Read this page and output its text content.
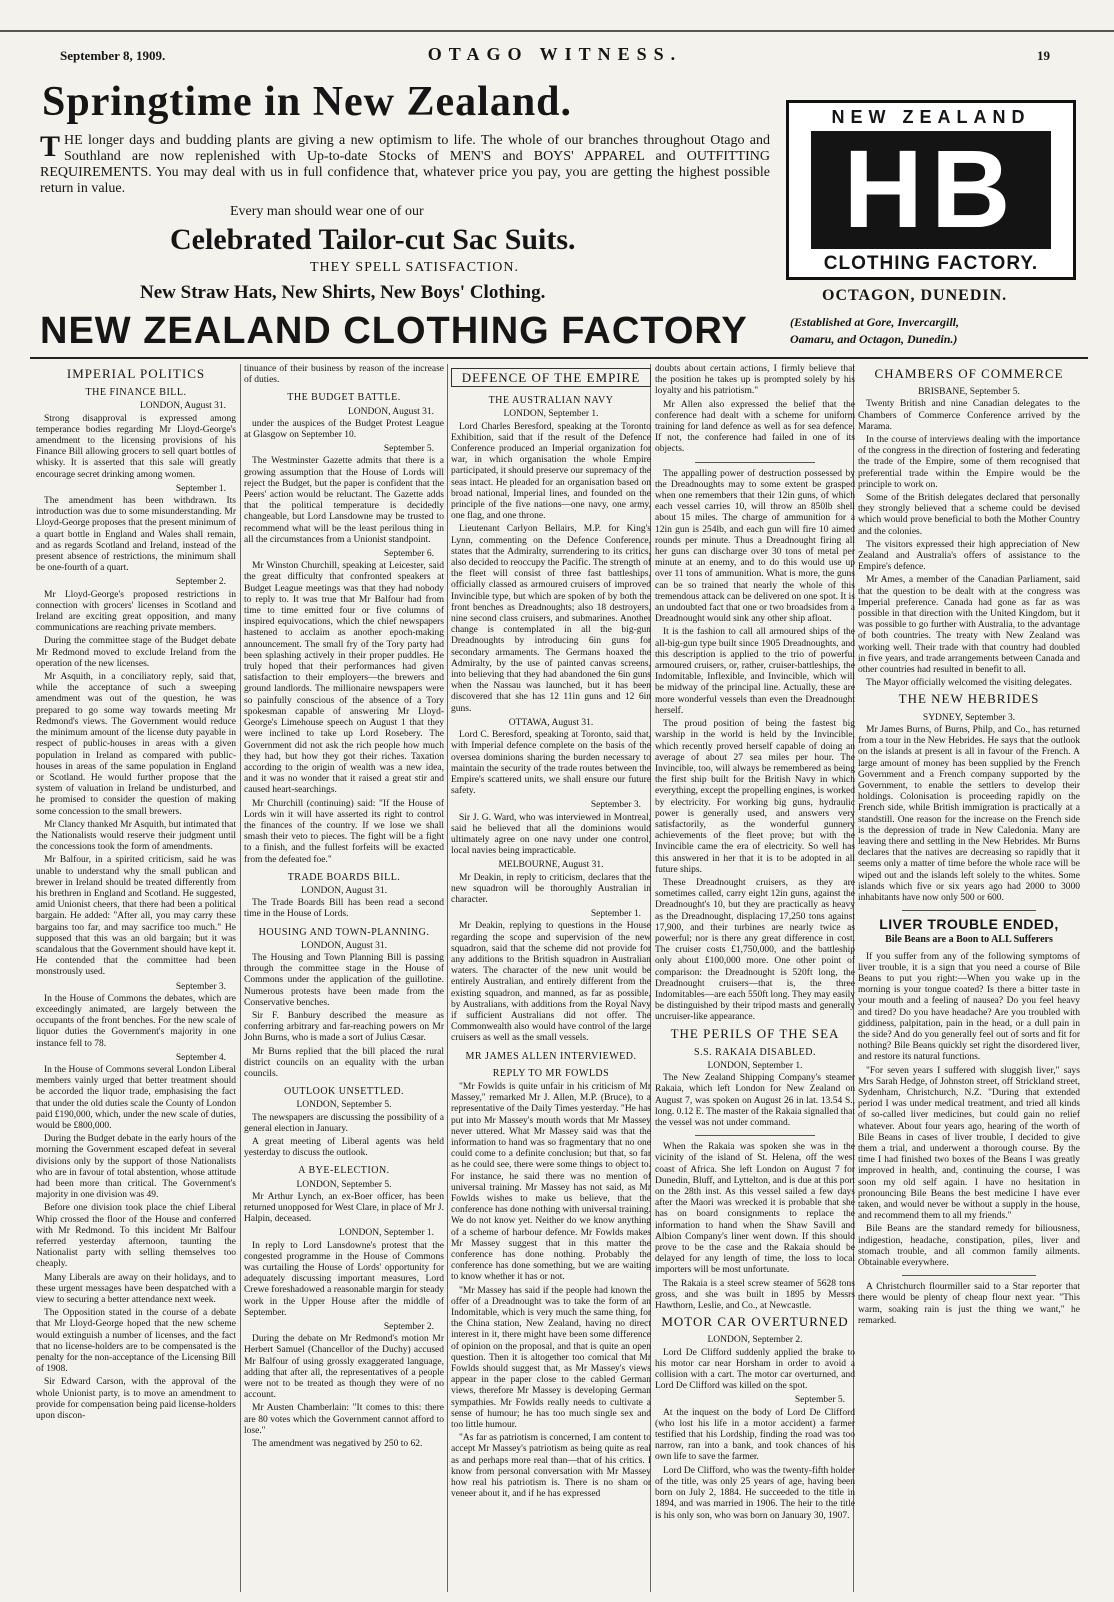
September 8, 1909.	OTAGO WITNESS.	19
Springtime in New Zealand.
THE longer days and budding plants are giving a new optimism to life. The whole of our branches throughout Otago and Southland are now replenished with Up-to-date Stocks of MEN'S and BOYS' APPAREL and OUTFITTING REQUIREMENTS. You may deal with us in full confidence that, whatever price you pay, you are getting the highest possible return in value.
Every man should wear one of our
Celebrated Tailor-cut Sac Suits.
THEY SPELL SATISFACTION.
New Straw Hats, New Shirts, New Boys' Clothing.
NEW ZEALAND CLOTHING FACTORY	(Established at Gore, Invercargill,
Oamaru, and Octagon, Dunedin.)
NEW ZEALAND
HB
CLOTHING FACTORY.
OCTAGON, DUNEDIN.
IMPERIAL POLITICS
THE FINANCE BILL.
LONDON, August 31.

Strong disapproval is expressed among temperance bodies regarding Mr Lloyd-George's amendment to the licensing provisions of his Finance Bill allowing grocers to sell quart bottles of whisky. It is asserted that this sale will greatly encourage secret drinking among women.

September 1.

The amendment has been withdrawn. Its introduction was due to some misunderstanding. Mr Lloyd-George proposes that the present minimum of a quart bottle in England and Wales shall remain, and as regards Scotland and Ireland, instead of the present absence of restrictions, the minimum shall be one-fourth of a quart.

September 2.

Mr Lloyd-George's proposed restrictions in connection with grocers' licenses in Scotland and Ireland are exciting great opposition, and many communications are reaching private members.

During the committee stage of the Budget debate Mr Redmond moved to exclude Ireland from the operation of the new licenses.

Mr Asquith, in a conciliatory reply, said that, while the acceptance of such a sweeping amendment was out of the question, he was prepared to go some way towards meeting Mr Redmond's views. The Government would reduce the minimum amount of the license duty payable in respect of public-houses in areas with a given population in Ireland as compared with public-houses in areas of the same population in England or Scotland. He would further propose that the system of valuation in Ireland be undisturbed, and he promised to consider the question of making some concession to the small brewers.

Mr Clancy thanked Mr Asquith, but intimated that the Nationalists would reserve their judgment until the concessions took the form of amendments.

Mr Balfour, in a spirited criticism, said he was unable to understand why the small publican and brewer in Ireland should be treated differently from his brethren in England and Scotland. He suggested, amid Unionist cheers, that there had been a political bargain. He added: "After all, you may carry these bargains too far, and may sacrifice too much." He supposed that this was an old bargain; but it was scandalous that the Government should have kept it. He contended that the committee had been monstrously used.

September 3.

In the House of Commons the debates, which are exceedingly animated, are largely between the occupants of the front benches. For the new scale of liquor duties the Government's majority in one instance fell to 78.

September 4.

In the House of Commons several London Liberal members vainly urged that better treatment should be accorded the liquor trade, emphasising the fact that under the old duties scale the County of London paid £190,000, which, under the new scale of duties, would be £800,000.

During the Budget debate in the early hours of the morning the Government escaped defeat in several divisions only by the support of those Nationalists who are in favour of total abstention, whose attitude had been more than critical. The Government's majority in one division was 49.

Before one division took place the chief Liberal Whip crossed the floor of the House and conferred with Mr Redmond. To this incident Mr Balfour referred yesterday afternoon, taunting the Nationalist party with selling themselves too cheaply.

Many Liberals are away on their holidays, and to these urgent messages have been despatched with a view to securing a better attendance next week.

The Opposition stated in the course of a debate that Mr Lloyd-George hoped that the new scheme would extinguish a number of licenses, and the fact that no license-holders are to be compensated is the penalty for the non-acceptance of the Licensing Bill of 1908.

Sir Edward Carson, with the approval of the whole Unionist party, is to move an amendment to provide for compensation being paid license-holders upon discon-

tinuance of their business by reason of the increase of duties.

THE BUDGET BATTLE.
LONDON, August 31.

under the auspices of the Budget Protest League at Glasgow on September 10.

September 5.

The Westminster Gazette admits that there is a growing assumption that the House of Lords will reject the Budget, but the paper is confident that the Peers' action would be reluctant. The Gazette adds that the political temperature is decidedly changeable, but Lord Lansdowne may be trusted to recommend what will be the least perilous thing in all the circumstances from a Unionist standpoint.

September 6.

Mr Winston Churchill, speaking at Leicester, said the great difficulty that confronted speakers at Budget League meetings was that they had nobody to reply to. It was true that Mr Balfour had from time to time emitted four or five columns of inspired equivocations, which the chief newspapers hastened to acclaim as another epoch-making announcement. The small fry of the Tory party had been splashing actively in their proper puddles. He truly hoped that their performances had given satisfaction to their employers—the brewers and ground landlords. The millionaire newspapers were so painfully conscious of the absence of a Tory spokesman capable of answering Mr Lloyd-George's Limehouse speech on August 1 that they were inclined to take up Lord Rosebery. The Government did not ask the rich people how much they had, but how they got their riches. Taxation according to the origin of wealth was a new idea, and it was no wonder that it raised a great stir and caused heart-searchings.

Mr Churchill (continuing) said: "If the House of Lords win it will have asserted its right to control the finances of the country. If we lose we shall smash their veto to pieces. The fight will be a fight to a finish, and the fullest forfeits will be exacted from the defeated foe."

TRADE BOARDS BILL.
LONDON, August 31.

The Trade Boards Bill has been read a second time in the House of Lords.

HOUSING AND TOWN-PLANNING.
LONDON, August 31.

The Housing and Town Planning Bill is passing through the committee stage in the House of Commons under the application of the guillotine. Numerous protests have been made from the Conservative benches.

Sir F. Banbury described the measure as conferring arbitrary and far-reaching powers on Mr John Burns, who is made a sort of Julius Cæsar.

Mr Burns replied that the bill placed the rural district councils on an equality with the urban councils.

OUTLOOK UNSETTLED.
LONDON, September 5.

The newspapers are discussing the possibility of a general election in January.

A great meeting of Liberal agents was held yesterday to discuss the outlook.

A BYE-ELECTION.
LONDON, September 5.

Mr Arthur Lynch, an ex-Boer officer, has been returned unopposed for West Clare, in place of Mr J. Halpin, deceased.

LONDON, September 1.

In reply to Lord Lansdowne's protest that the congested programme in the House of Commons was curtailing the House of Lords' opportunity for adequately discussing important measures, Lord Crewe foreshadowed a reasonable margin for steady work in the Upper House after the middle of September.

September 2.

During the debate on Mr Redmond's motion Mr Herbert Samuel (Chancellor of the Duchy) accused Mr Balfour of using grossly exaggerated language, adding that after all, the representatives of a people were not to be treated as though they were of no account.

Mr Austen Chamberlain: "It comes to this: there are 80 votes which the Government cannot afford to lose."

The amendment was negatived by 250 to 62.

DEFENCE OF THE EMPIRE
THE AUSTRALIAN NAVY
LONDON, September 1.

Lord Charles Beresford, speaking at the Toronto Exhibition, said that if the result of the Defence Conference produced an Imperial organization for war, in which organisation the whole Empire participated, it should preserve our supremacy of the seas intact. He pleaded for an organisation based on broad national, Imperial lines, and founded on the principle of the five nations—one navy, one army, one flag, and one throne.

Lieutenant Carlyon Bellairs, M.P. for King's Lynn, commenting on the Defence Conference, states that the Admiralty, surrendering to its critics, also decided to reoccupy the Pacific. The strength of the fleet will consist of three fast battleships, officially classed as armoured cruisers of improved Invincible type, but which are spoken of by both the front benches as Dreadnoughts; also 18 destroyers, nine second class cruisers, and submarines. Another change is contemplated in all the big-gun Dreadnoughts by introducing 6in guns for secondary armaments. The Germans hoaxed the Admiralty, by the use of painted canvas screens, into believing that they had abandoned the 6in guns when the Nassau was launched, but it has been discovered that she has 12 11in guns and 12 6in guns.

OTTAWA, August 31.

Lord C. Beresford, speaking at Toronto, said that, with Imperial defence complete on the basis of the oversea dominions sharing the burden necessary to maintain the security of the trade routes between the Empire's scattered units, we shall ensure our future safety.

September 3.

Sir J. G. Ward, who was interviewed in Montreal, said he believed that all the dominions would ultimately agree on one navy under one control, local navies being impracticable.

MELBOURNE, August 31.

Mr Deakin, in reply to criticism, declares that the new squadron will be thoroughly Australian in character.

September 1.

Mr Deakin, replying to questions in the House regarding the scope and supervision of the new squadron, said that the scheme did not provide for any additions to the British squadron in Australian waters. The character of the new unit would be entirely Australian, and entirely different from the existing squadron, and manned, as far as possible, by Australians, with additions from the Royal Navy if sufficient Australians did not offer. The Commonwealth also would have control of the large cruisers as well as the small vessels.

MR JAMES ALLEN INTERVIEWED.
REPLY TO MR FOWLDS

"Mr Fowlds is quite unfair in his criticism of Mr Massey," remarked Mr J. Allen, M.P. (Bruce), to a representative of the Daily Times yesterday. "He has put into Mr Massey's mouth words that Mr Massey never uttered. What Mr Massey said was that the information to hand was so fragmentary that no one could come to a definite conclusion; but that, so far as he could see, there were some things to object to. For instance, he said there was no mention of universal training. Mr Massey has not said, as Mr Fowlds wishes to make us believe, that the conference has done nothing with universal training. We do not know yet. Neither do we know anything of a scheme of harbour defence. Mr Fowlds makes Mr Massey suggest that in this matter the conference has done nothing. Probably the conference has done something, but we are waiting to know whether it has or not.

"Mr Massey has said if the people had known the offer of a Dreadnought was to take the form of an Indomitable, which is very much the same thing, for the China station, New Zealand, having no direct interest in it, there might have been some difference of opinion on the proposal, and that is quite an open question. Then it is altogether too comical that Mr Fowlds should suggest that, as Mr Massey's views appear in the paper close to the cabled German views, therefore Mr Massey is developing German sympathies. Mr Fowlds really needs to cultivate a sense of humour; he has too much single sex and too little humour.

"As far as patriotism is concerned, I am content to accept Mr Massey's patriotism as being quite as real as and perhaps more real than—that of his critics. I know from personal conversation with Mr Massey how real his patriotism is. There is no sham or veneer about it, and if he has expressed

doubts about certain actions, I firmly believe that the position he takes up is prompted solely by his loyalty and his patriotism."

Mr Allen also expressed the belief that the conference had dealt with a scheme for uniform training for land defence as well as for sea defence. If not, the conference had failed in one of its objects.

The appalling power of destruction possessed by the Dreadnoughts may to some extent be grasped when one remembers that their 12in guns, of which each vessel carries 10, will throw an 850lb shell about 15 miles. The charge of ammunition for a 12in gun is 254lb, and each gun will fire 10 aimed rounds per minute. Thus a Dreadnought firing all her guns can discharge over 30 tons of metal per minute at an enemy, and to do this would use up over 11 tons of ammunition. What is more, the guns can be so trained that nearly the whole of this tremendous attack can be delivered on one spot. It is an undoubted fact that one or two broadsides from a Dreadnought would sink any other ship afloat.

It is the fashion to call all armoured ships of the all-big-gun type built since 1905 Dreadnoughts, and this description is applied to the trio of powerful armoured cruisers, or, rather, cruiser-battleships, the Indomitable, Inflexible, and Invincible, which will be midway of the principal line. Actually, these are more wonderful vessels than even the Dreadnought herself.

The proud position of being the fastest big warship in the world is held by the Invincible, which recently proved herself capable of doing an average of about 27 sea miles per hour. The Invincible, too, will always be remembered as being the first ship built for the British Navy in which everything, except the propelling engines, is worked by electricity. For working big guns, hydraulic power is generally used, and answers very satisfactorily, as the wonderful gunnery achievements of the fleet prove; but with the Invincible came the era of electricity. So well has this answered in her that it is to be adopted in all future ships.

These Dreadnought cruisers, as they are sometimes called, carry eight 12in guns, against the Dreadnought's 10, but they are practically as heavy as the Dreadnought, displacing 17,250 tons against 17,900, and their turbines are nearly twice as powerful; nor is there any great difference in cost. The cruiser costs £1,750,000, and the battleship only about £100,000 more. One other point of comparison: the Dreadnought is 520ft long, the Dreadnought cruisers—that is, the three Indomitables—are each 550ft long. They may easily be distinguished by their tripod masts and generally uncruiser-like appearance.

THE PERILS OF THE SEA
S.S. RAKAIA DISABLED.
LONDON, September 1.

The New Zealand Shipping Company's steamer Rakaia, which left London for New Zealand on August 7, was spoken on August 26 in lat. 13.54 S., long. 0.12 E. The master of the Rakaia signalled that the vessel was not under command.

When the Rakaia was spoken she was in the vicinity of the island of St. Helena, off the west coast of Africa. She left London on August 7 for Dunedin, Bluff, and Lyttelton, and is due at this port on the 28th inst. As this vessel sailed a few days after the Maori was wrecked it is probable that she has on board consignments to replace the information to hand when the Shaw Savill and Albion Company's liner went down. If this should prove to be the case and the Rakaia should be delayed for any length of time, the loss to local importers will be most unfortunate.

The Rakaia is a steel screw steamer of 5628 tons gross, and she was built in 1895 by Messrs Hawthorn, Leslie, and Co., at Newcastle.

MOTOR CAR OVERTURNED
LONDON, September 2.

Lord De Clifford suddenly applied the brake to his motor car near Horsham in order to avoid a collision with a cart. The motor car overturned, and Lord De Clifford was killed on the spot.

September 5.

At the inquest on the body of Lord De Clifford (who lost his life in a motor accident) a farmer testified that his Lordship, finding the road was too narrow, ran into a bank, and took chances of his own life to save the farmer.

Lord De Clifford, who was the twenty-fifth holder of the title, was only 25 years of age, having been born on July 2, 1884. He succeeded to the title in 1894, and was married in 1906. The heir to the title is his only son, who was born on January 30, 1907.

CHAMBERS OF COMMERCE
BRISBANE, September 5.

Twenty British and nine Canadian delegates to the Chambers of Commerce Conference arrived by the Marama.

In the course of interviews dealing with the importance of the congress in the direction of fostering and federating the trade of the Empire, some of them recognised that preferential trade within the Empire would be the principle to work on.

Some of the British delegates declared that personally they strongly believed that a scheme could be devised which would prove beneficial to both the Mother Country and the colonies.

The visitors expressed their high appreciation of New Zealand and Australia's offers of assistance to the Empire's defence.

Mr Ames, a member of the Canadian Parliament, said that the question to be dealt with at the congress was Imperial preference. Canada had gone as far as was possible in that direction with the United Kingdom, but it was possible to go further with Australia, to the advantage of both countries. The treaty with New Zealand was working well. Their trade with that country had doubled in five years, and trade arrangements between Canada and other countries had resulted in benefit to all.

The Mayor officially welcomed the visiting delegates.

THE NEW HEBRIDES
SYDNEY, September 3.

Mr James Burns, of Burns, Philp, and Co., has returned from a tour in the New Hebrides. He says that the outlook on the islands at present is all in favour of the French. A large amount of money has been supplied by the French Government and a French company supported by the Government, to enable the settlers to develop their holdings. Colonisation is proceeding rapidly on the French side, while British immigration is practically at a standstill. One reason for the increase on the French side is the depression of trade in New Caledonia. Many are leaving there and settling in the New Hebrides. Mr Burns declares that the natives are decreasing so rapidly that it seems only a matter of time before the whole race will be wiped out and the islands left solely to the whites. Some islands which five or six years ago had 2000 to 3000 inhabitants have now only 500 or 600.

LIVER TROUBLE ENDED,
Bile Beans are a Boon to ALL Sufferers

If you suffer from any of the following symptoms of liver trouble, it is a sign that you need a course of Bile Beans to put you right:—When you wake up in the morning is your tongue coated? Is there a bitter taste in your mouth and a feeling of nausea? Do you feel heavy and tired? Do you have headache? Are you troubled with giddiness, palpitation, pain in the head, or a dull pain in the side? And do you generally feel out of sorts and fit for nothing? Bile Beans quickly set right the disordered liver, and restore its natural functions.

"For seven years I suffered with sluggish liver," says Mrs Sarah Hedge, of Johnston street, off Strickland street, Sydenham, Christchurch, N.Z. "During that extended period I was under medical treatment, and tried all kinds of so-called liver medicines, but could gain no relief whatever. About four years ago, hearing of the worth of Bile Beans in cases of liver trouble, I decided to give them a trial, and underwent a thorough course. By the time I had finished two boxes of the Beans I was greatly improved in health, and, continuing the course, I was soon my old self again. I have no hesitation in pronouncing Bile Beans the best medicine I have ever taken, and would never be without a supply in the house, and recommend them to all my friends."

Bile Beans are the standard remedy for biliousness, indigestion, headache, constipation, piles, liver and stomach trouble, and all common family ailments. Obtainable everywhere.

A Christchurch flourmiller said to a Star reporter that there would be plenty of cheap flour next year. "This warm, soaking rain is just the thing we want," he remarked.
